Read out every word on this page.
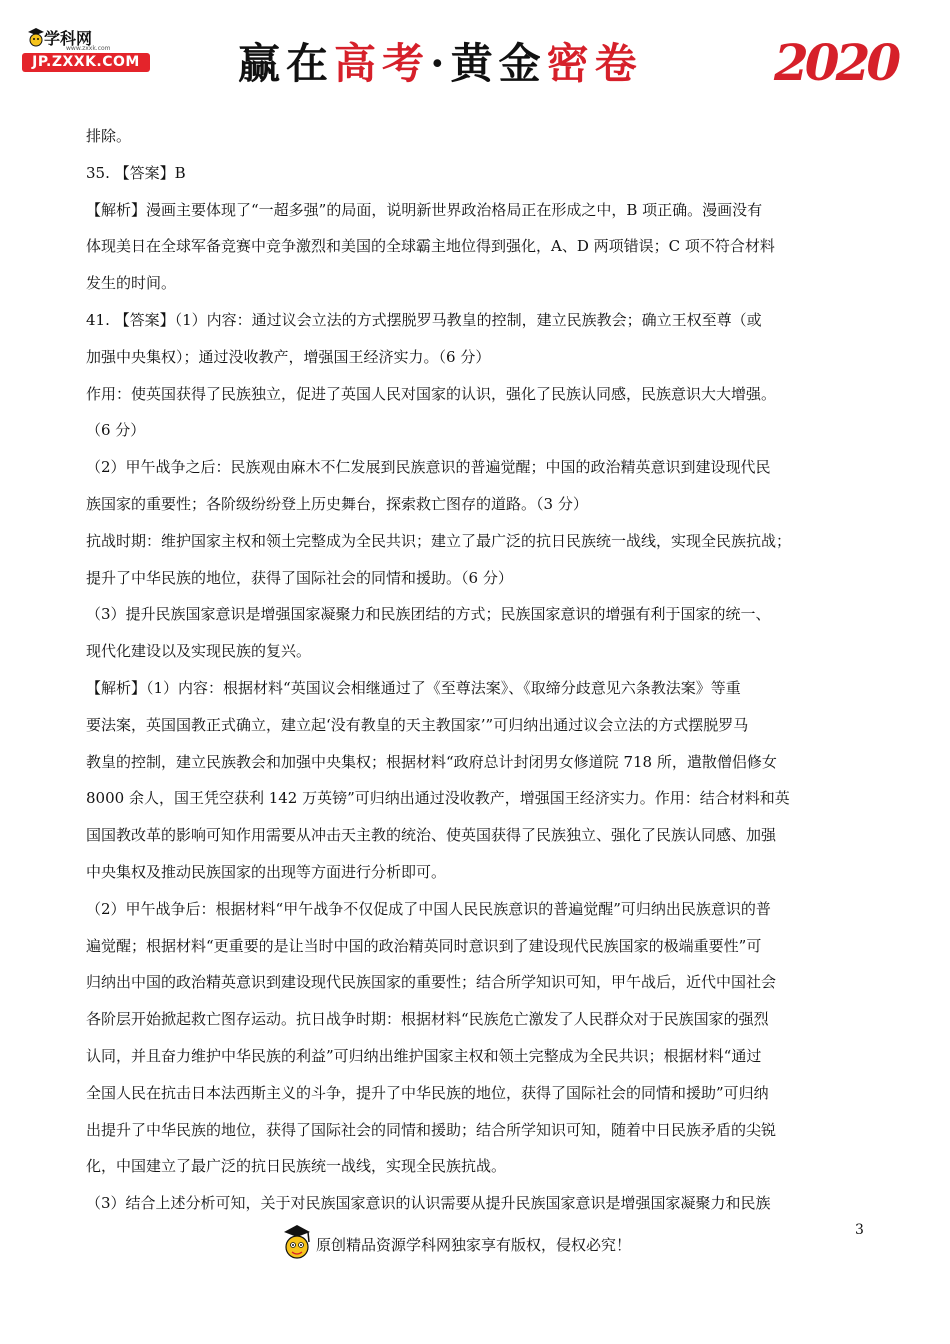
学科网
www.zxxk.com
JP.ZXXK.COM 赢在高考·黄金密卷	2020
排除。
35. 【答案】B
【解析】漫画主要体现了“一超多强”的局面，说明新世界政治格局正在形成之中，B 项正确。漫画没有
体现美日在全球军备竞赛中竞争激烈和美国的全球霸主地位得到强化，A、D 两项错误；C 项不符合材料
发生的时间。
41. 【答案】（1）内容：通过议会立法的方式摆脱罗马教皇的控制，建立民族教会；确立王权至尊（或
加强中央集权）；通过没收教产，增强国王经济实力。（6 分）
作用：使英国获得了民族独立，促进了英国人民对国家的认识，强化了民族认同感，民族意识大大增强。
（6 分）
（2）甲午战争之后：民族观由麻木不仁发展到民族意识的普遍觉醒；中国的政治精英意识到建设现代民
族国家的重要性；各阶级纷纷登上历史舞台，探索救亡图存的道路。（3 分）
抗战时期：维护国家主权和领土完整成为全民共识；建立了最广泛的抗日民族统一战线，实现全民族抗战；
提升了中华民族的地位，获得了国际社会的同情和援助。（6 分）
（3）提升民族国家意识是增强国家凝聚力和民族团结的方式；民族国家意识的增强有利于国家的统一、
现代化建设以及实现民族的复兴。
【解析】（1）内容：根据材料“英国议会相继通过了《至尊法案》、《取缔分歧意见六条教法案》等重
要法案，英国国教正式确立，建立起‘没有教皇的天主教国家’”可归纳出通过议会立法的方式摆脱罗马
教皇的控制，建立民族教会和加强中央集权；根据材料“政府总计封闭男女修道院 718 所，遣散僧侣修女
8000 余人，国王凭空获利 142 万英镑”可归纳出通过没收教产，增强国王经济实力。作用：结合材料和英
国国教改革的影响可知作用需要从冲击天主教的统治、使英国获得了民族独立、强化了民族认同感、加强
中央集权及推动民族国家的出现等方面进行分析即可。
（2）甲午战争后：根据材料“甲午战争不仅促成了中国人民民族意识的普遍觉醒”可归纳出民族意识的普
遍觉醒；根据材料“更重要的是让当时中国的政治精英同时意识到了建设现代民族国家的极端重要性”可
归纳出中国的政治精英意识到建设现代民族国家的重要性；结合所学知识可知，甲午战后，近代中国社会
各阶层开始掀起救亡图存运动。抗日战争时期：根据材料“民族危亡激发了人民群众对于民族国家的强烈
认同，并且奋力维护中华民族的利益”可归纳出维护国家主权和领土完整成为全民共识；根据材料“通过
全国人民在抗击日本法西斯主义的斗争，提升了中华民族的地位，获得了国际社会的同情和援助”可归纳
出提升了中华民族的地位，获得了国际社会的同情和援助；结合所学知识可知，随着中日民族矛盾的尖锐
化，中国建立了最广泛的抗日民族统一战线，实现全民族抗战。
（3）结合上述分析可知，关于对民族国家意识的认识需要从提升民族国家意识是增强国家凝聚力和民族
原创精品资源学科网独家享有版权，侵权必究！
3
